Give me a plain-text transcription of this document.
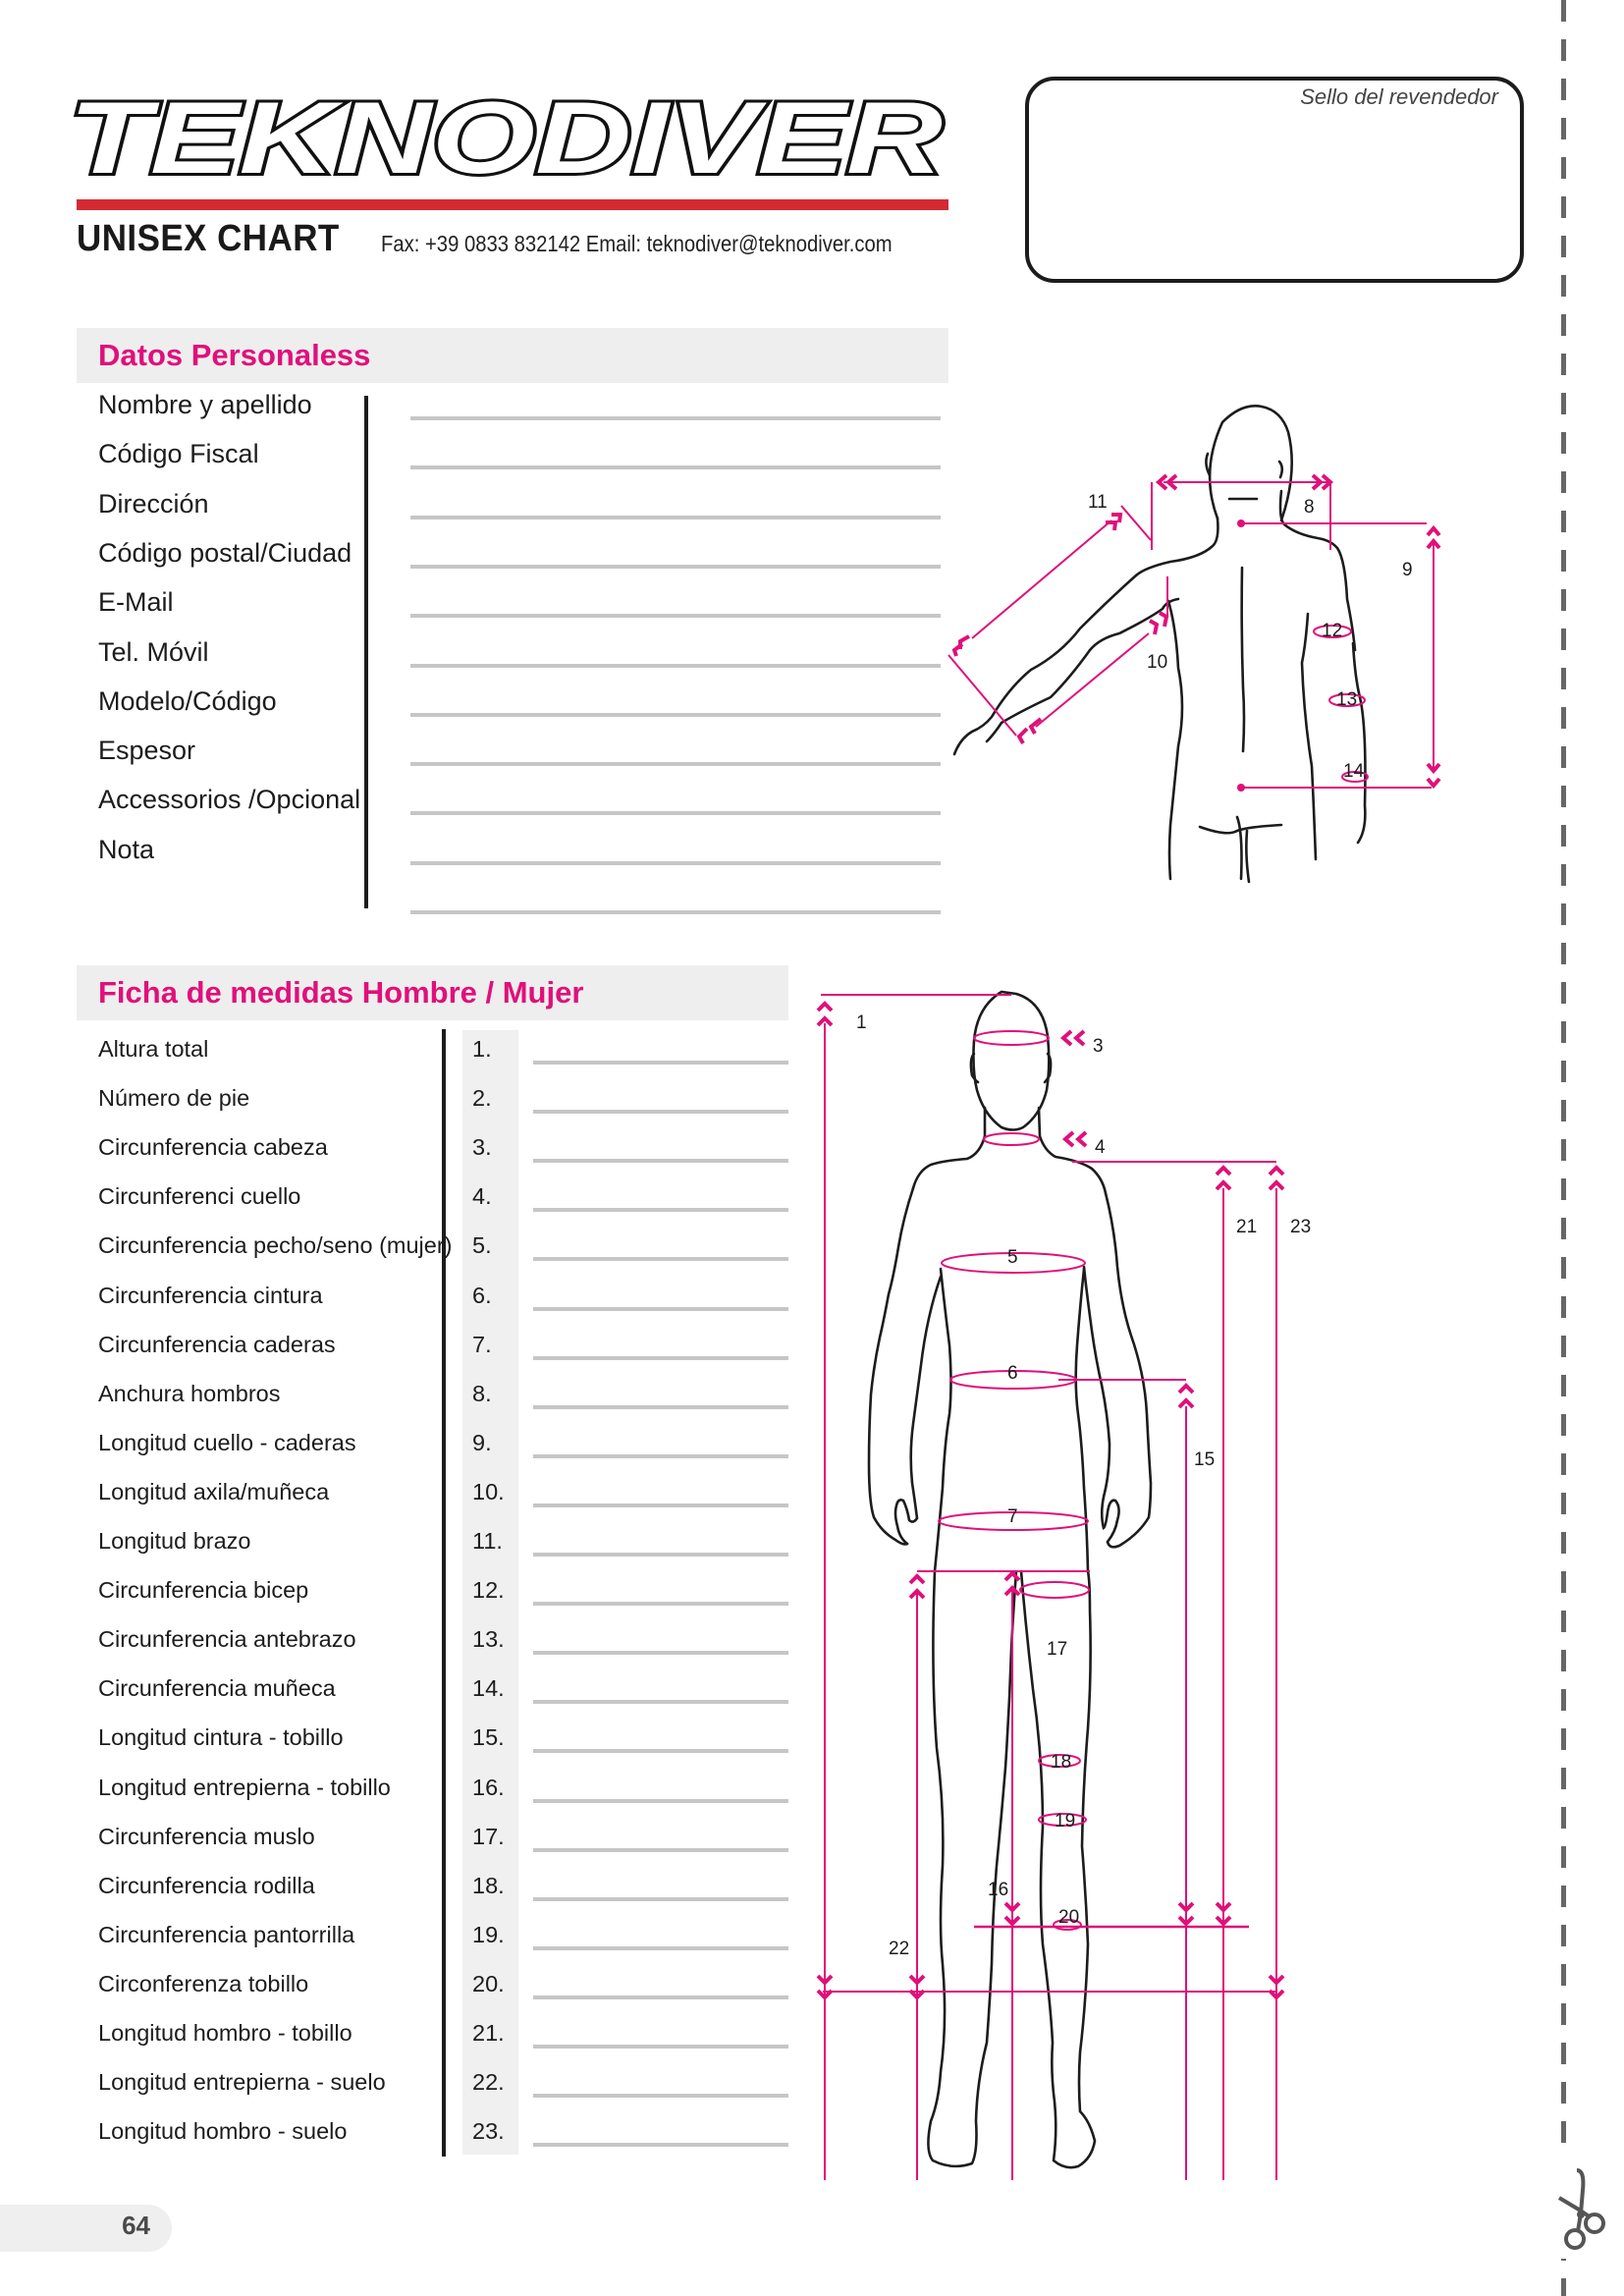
TEKNODIVER
UNISEX CHART Fax: +39 0833 832142 Email: teknodiver@teknodiver.com
Sello del revendedor
Datos Personaless
Nombre y apellido
Código Fiscal
Dirección
Código postal/Ciudad
E-Mail
Tel. Móvil
Modelo/Código
Espesor
Accessorios /Opcional
Nota
Ficha de medidas Hombre / Mujer
Altura total	1.
Número de pie	2.
Circunferencia cabeza	3.
Circunferenci cuello	4.
Circunferencia pecho/seno (mujer) 5.
Circunferencia cintura	6.
Circunferencia caderas	7.
Anchura hombros	8.
Longitud cuello - caderas	9.
Longitud axila/muñeca	10.
Longitud brazo	11.
Circunferencia bicep	12.
Circunferencia antebrazo	13.
Circunferencia muñeca	14.
Longitud cintura - tobillo	15.
Longitud entrepierna - tobillo	16.
Circunferencia muslo	17.
Circunferencia rodilla	18.
Circunferencia pantorrilla	19.
Circonferenza tobillo	20.
Longitud hombro - tobillo	21.
Longitud entrepierna - suelo	22.
Longitud hombro - suelo	23.
8
9
11
10
12
13
14
1
3
4
5
6
7
15
21 23
17
18
19
20
16
22
64
